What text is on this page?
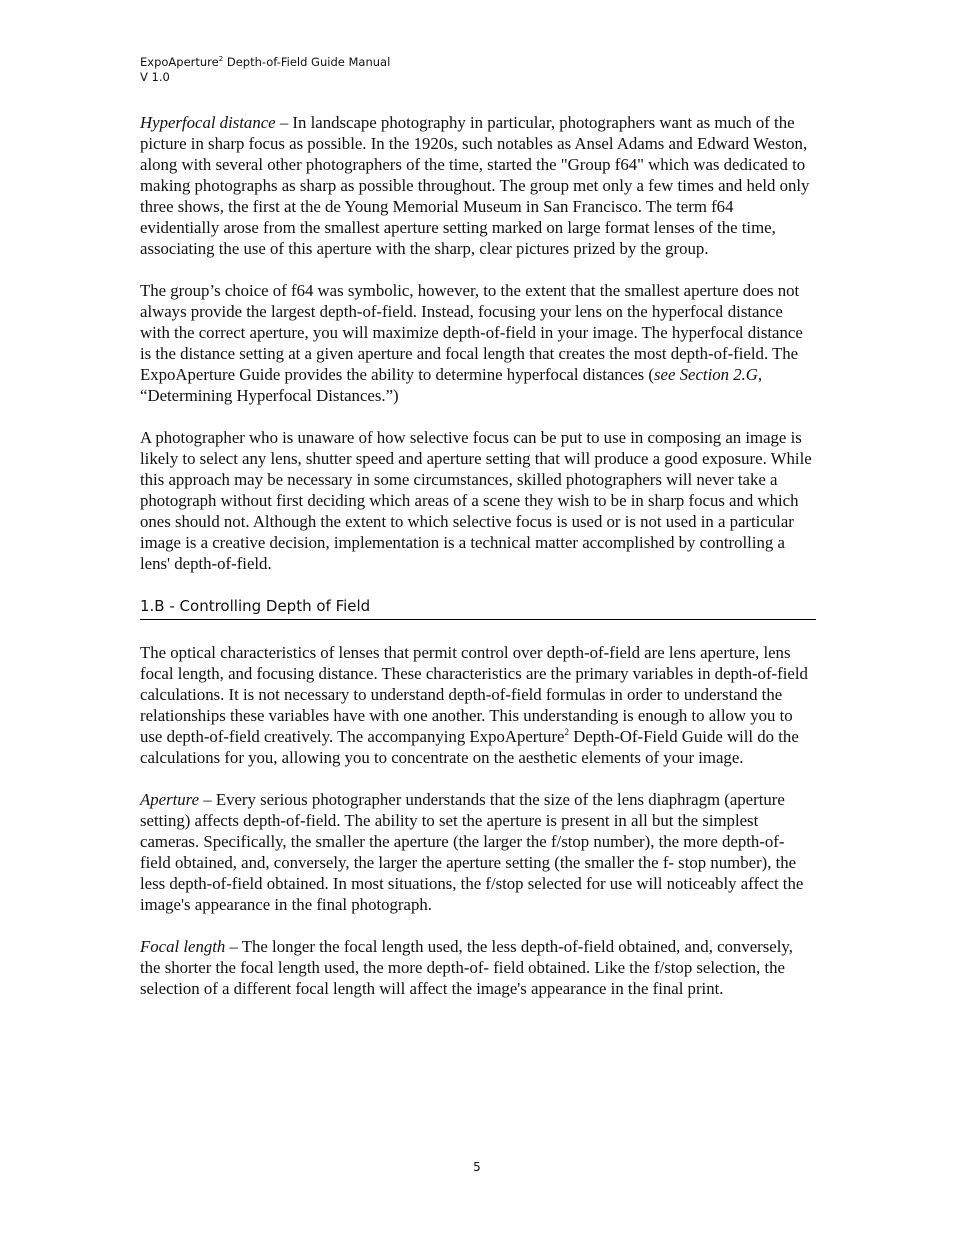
ExpoAperture$^2$ Depth-of-Field Guide Manual
V 1.0

Hyperfocal distance – In landscape photography in particular, photographers want as much of the picture in sharp focus as possible. In the 1920s, such notables as Ansel Adams and Edward Weston, along with several other photographers of the time, started the "Group f64" which was dedicated to making photographs as sharp as possible throughout. The group met only a few times and held only three shows, the first at the de Young Memorial Museum in San Francisco. The term f64 evidentially arose from the smallest aperture setting marked on large format lenses of the time, associating the use of this aperture with the sharp, clear pictures prized by the group.

The group’s choice of f64 was symbolic, however, to the extent that the smallest aperture does not always provide the largest depth-of-field. Instead, focusing your lens on the hyperfocal distance with the correct aperture, you will maximize depth-of-field in your image. The hyperfocal distance is the distance setting at a given aperture and focal length that creates the most depth-of-field. The ExpoAperture Guide provides the ability to determine hyperfocal distances (see Section 2.G, “Determining Hyperfocal Distances.”)

A photographer who is unaware of how selective focus can be put to use in composing an image is likely to select any lens, shutter speed and aperture setting that will produce a good exposure. While this approach may be necessary in some circumstances, skilled photographers will never take a photograph without first deciding which areas of a scene they wish to be in sharp focus and which ones should not. Although the extent to which selective focus is used or is not used in a particular image is a creative decision, implementation is a technical matter accomplished by controlling a lens' depth-of-field.

1.B - Controlling Depth of Field

The optical characteristics of lenses that permit control over depth-of-field are lens aperture, lens focal length, and focusing distance. These characteristics are the primary variables in depth-of-field calculations. It is not necessary to understand depth-of-field formulas in order to understand the relationships these variables have with one another. This understanding is enough to allow you to use depth-of-field creatively. The accompanying ExpoAperture$^2$ Depth-Of-Field Guide will do the calculations for you, allowing you to concentrate on the aesthetic elements of your image.

Aperture – Every serious photographer understands that the size of the lens diaphragm (aperture setting) affects depth-of-field. The ability to set the aperture is present in all but the simplest cameras. Specifically, the smaller the aperture (the larger the f/stop number), the more depth-of- field obtained, and, conversely, the larger the aperture setting (the smaller the f- stop number), the less depth-of-field obtained. In most situations, the f/stop selected for use will noticeably affect the image's appearance in the final photograph.

Focal length – The longer the focal length used, the less depth-of-field obtained, and, conversely, the shorter the focal length used, the more depth-of- field obtained. Like the f/stop selection, the selection of a different focal length will affect the image's appearance in the final print.

5
